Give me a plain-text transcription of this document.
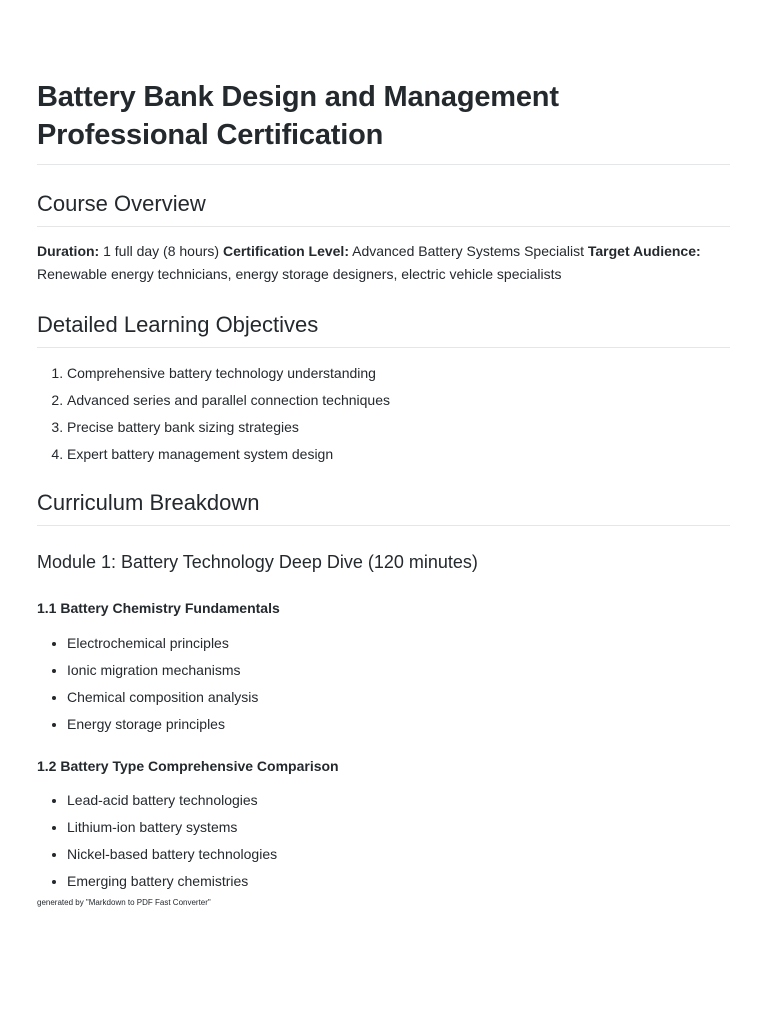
Battery Bank Design and Management Professional Certification
Course Overview

Duration: 1 full day (8 hours) Certification Level: Advanced Battery Systems Specialist Target Audience: Renewable energy technicians, energy storage designers, electric vehicle specialists

Detailed Learning Objectives
1. Comprehensive battery technology understanding
2. Advanced series and parallel connection techniques
3. Precise battery bank sizing strategies
4. Expert battery management system design
Curriculum Breakdown
Module 1: Battery Technology Deep Dive (120 minutes)
1.1 Battery Chemistry Fundamentals
• Electrochemical principles
• Ionic migration mechanisms
• Chemical composition analysis
• Energy storage principles
1.2 Battery Type Comprehensive Comparison
• Lead-acid battery technologies
• Lithium-ion battery systems
• Nickel-based battery technologies
• Emerging battery chemistries
generated by "Markdown to PDF Fast Converter"
